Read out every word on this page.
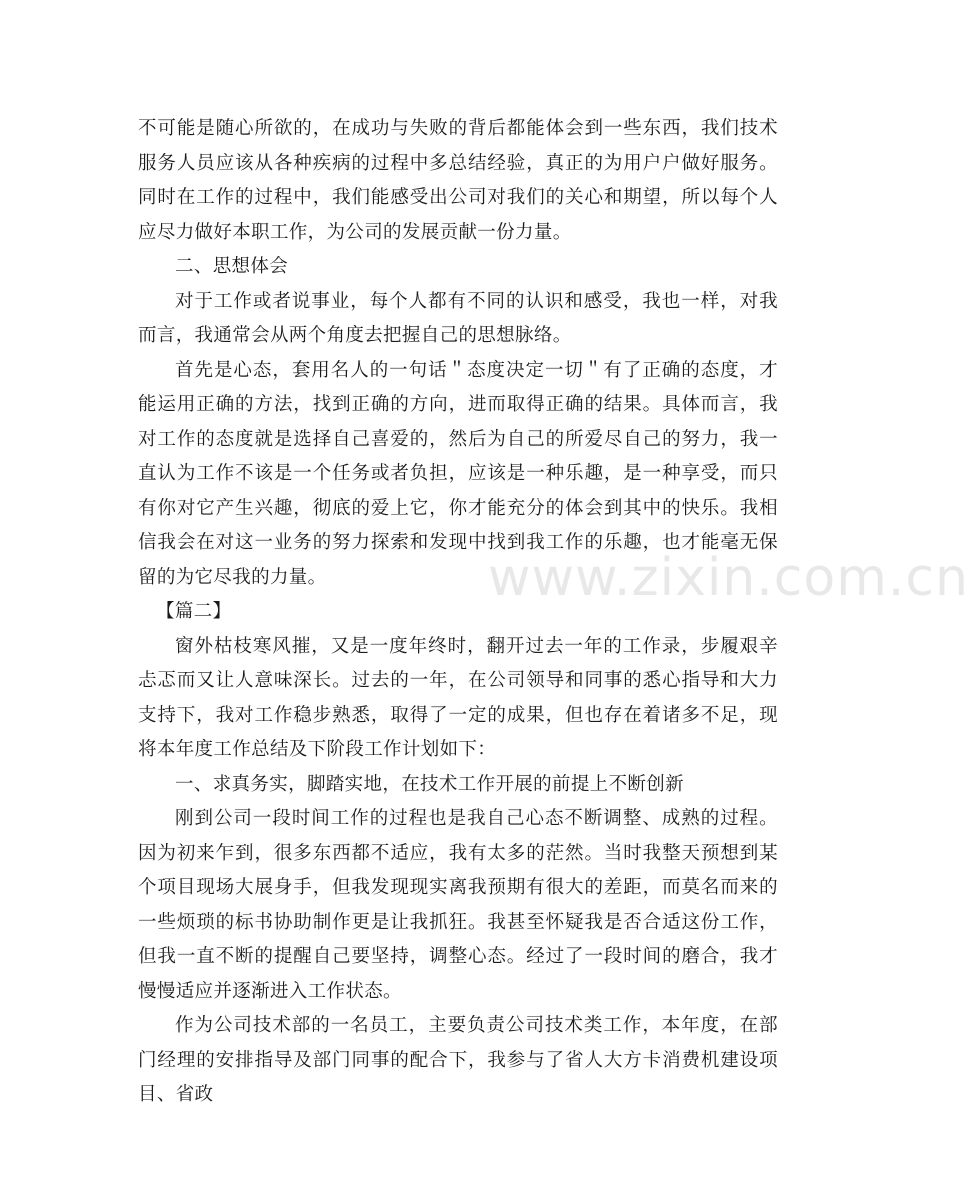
不可能是随心所欲的，在成功与失败的背后都能体会到一些东西，我们技术服务人员应该从各种疾病的过程中多总结经验，真正的为用户户做好服务。同时在工作的过程中，我们能感受出公司对我们的关心和期望，所以每个人应尽力做好本职工作，为公司的发展贡献一份力量。

二、思想体会

对于工作或者说事业，每个人都有不同的认识和感受，我也一样，对我而言，我通常会从两个角度去把握自己的思想脉络。

首先是心态，套用名人的一句话＂态度决定一切＂有了正确的态度，才能运用正确的方法，找到正确的方向，进而取得正确的结果。具体而言，我对工作的态度就是选择自己喜爱的，然后为自己的所爱尽自己的努力，我一直认为工作不该是一个任务或者负担，应该是一种乐趣，是一种享受，而只有你对它产生兴趣，彻底的爱上它，你才能充分的体会到其中的快乐。我相信我会在对这一业务的努力探索和发现中找到我工作的乐趣，也才能毫无保留的为它尽我的力量。

【篇二】

窗外枯枝寒风摧，又是一度年终时，翻开过去一年的工作录，步履艰辛忐忑而又让人意味深长。过去的一年，在公司领导和同事的悉心指导和大力支持下，我对工作稳步熟悉，取得了一定的成果，但也存在着诸多不足，现将本年度工作总结及下阶段工作计划如下：

一、求真务实，脚踏实地，在技术工作开展的前提上不断创新

刚到公司一段时间工作的过程也是我自己心态不断调整、成熟的过程。因为初来乍到，很多东西都不适应，我有太多的茫然。当时我整天预想到某个项目现场大展身手，但我发现现实离我预期有很大的差距，而莫名而来的一些烦琐的标书协助制作更是让我抓狂。我甚至怀疑我是否合适这份工作，但我一直不断的提醒自己要坚持，调整心态。经过了一段时间的磨合，我才慢慢适应并逐渐进入工作状态。

作为公司技术部的一名员工，主要负责公司技术类工作，本年度，在部门经理的安排指导及部门同事的配合下，我参与了省人大方卡消费机建设项目、省政

www.zixin.com.cn
